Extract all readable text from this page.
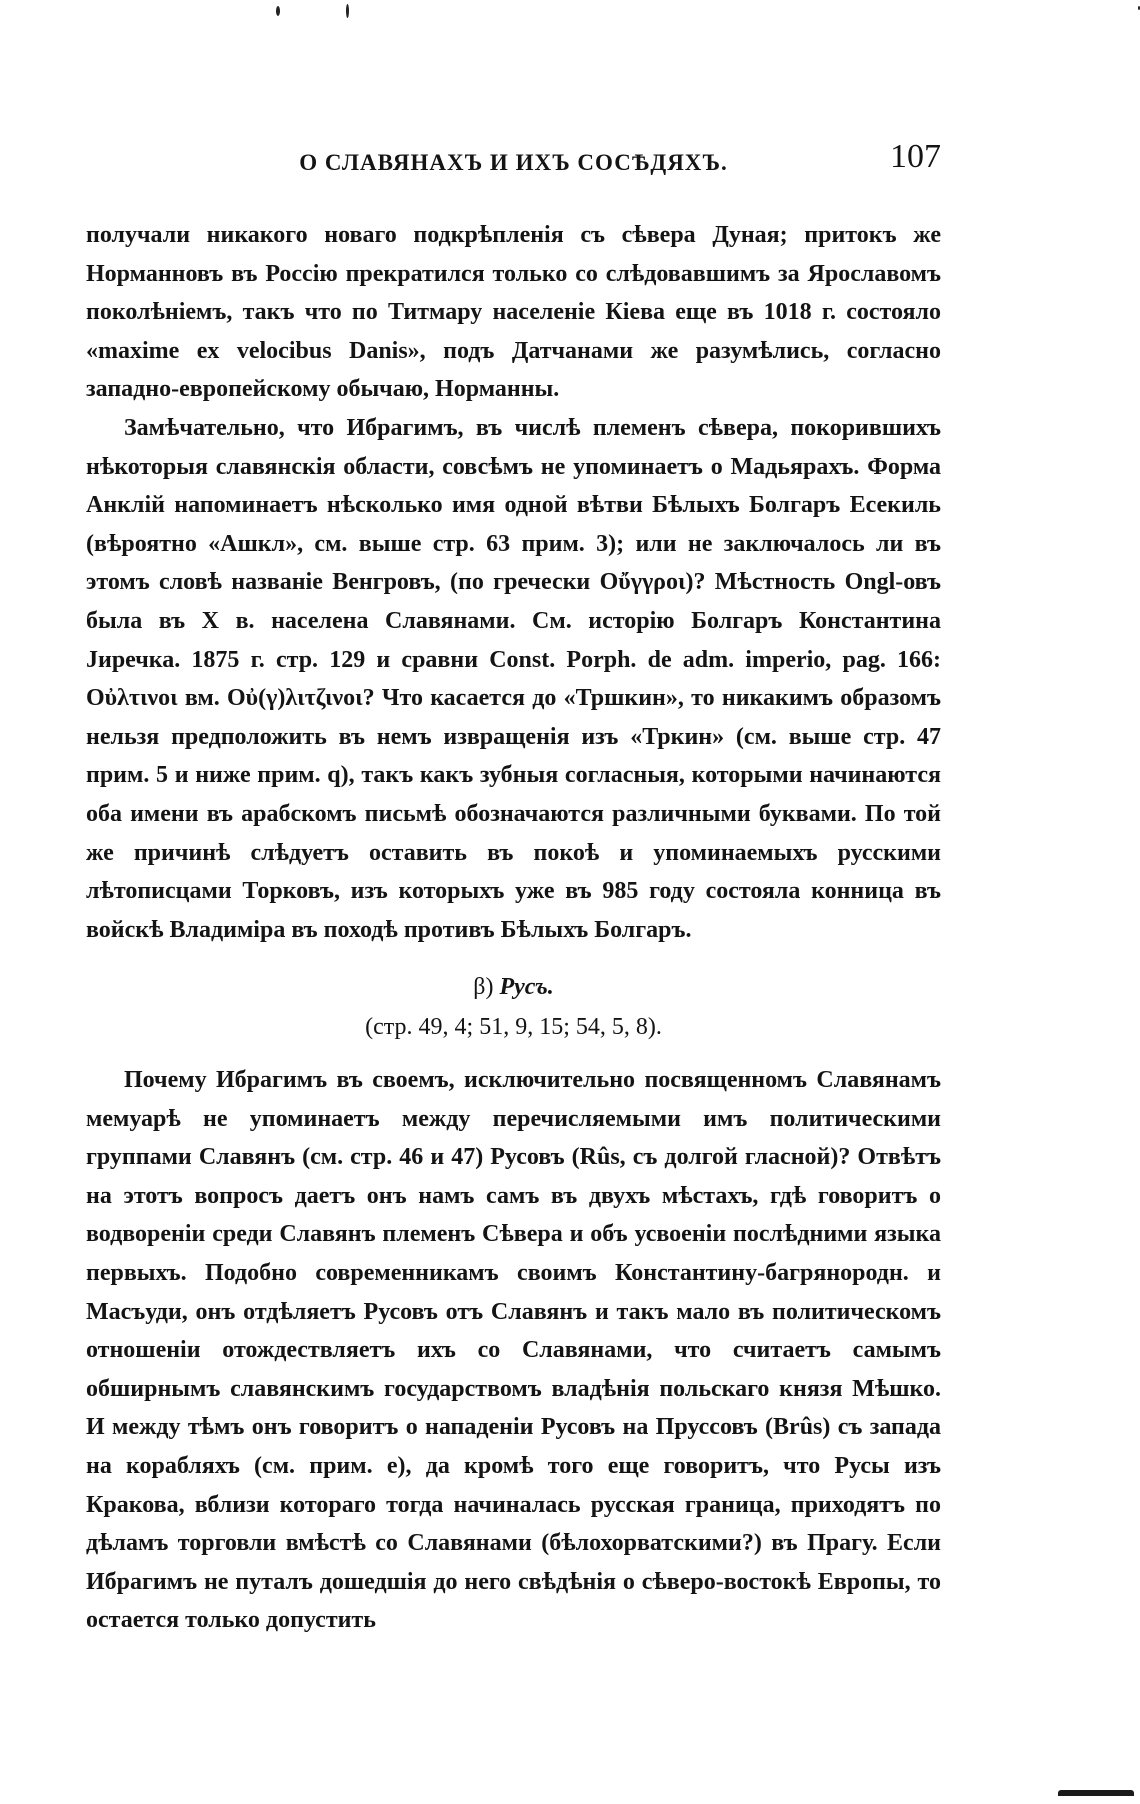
О СЛАВЯНАХЪ И ИХЪ СОСѢДЯХЪ.	107

получали никакого новаго подкрѣпленія съ сѣвера Дуная; притокъ же Норманновъ въ Россію прекратился только со слѣдовавшимъ за Ярославомъ поколѣніемъ, такъ что по Титмару населеніе Кіева еще въ 1018 г. состояло «maxime ex velocibus Danis», подъ Датчанами же разумѣлись, согласно западно-европейскому обычаю, Норманны.

Замѣчательно, что Ибрагимъ, въ числѣ племенъ сѣвера, покорившихъ нѣкоторыя славянскія области, совсѣмъ не упоминаетъ о Мадьярахъ. Форма Анклій напоминаетъ нѣсколько имя одной вѣтви Бѣлыхъ Болгаръ Есекиль (вѣроятно «Ашкл», см. выше стр. 63 прим. 3); или не заключалось ли въ этомъ словѣ названіе Венгровъ, (по гречески Οὔγγροι)? Мѣстность Ongl-овъ была въ X в. населена Славянами. См. исторію Болгаръ Константина Jиречка. 1875 г. стр. 129 и сравни Const. Porph. de adm. imperio, pag. 166: Οὐλτινοι вм. Οὐ(γ)λιτζινοι? Что касается до «Тршкин», то никакимъ образомъ нельзя предположить въ немъ извращенія изъ «Тркин» (см. выше стр. 47 прим. 5 и ниже прим. q), такъ какъ зубныя согласныя, которыми начинаются оба имени въ арабскомъ письмѣ обозначаются различными буквами. По той же причинѣ слѣдуетъ оставить въ покоѣ и упоминаемыхъ русскими лѣтописцами Торковъ, изъ которыхъ уже въ 985 году состояла конница въ войскѣ Владиміра въ походѣ противъ Бѣлыхъ Болгаръ.

β) Русъ.
(стр. 49, 4; 51, 9, 15; 54, 5, 8).

Почему Ибрагимъ въ своемъ, исключительно посвященномъ Славянамъ мемуарѣ не упоминаетъ между перечисляемыми имъ политическими группами Славянъ (см. стр. 46 и 47) Русовъ (Rûs, съ долгой гласной)? Отвѣтъ на этотъ вопросъ даетъ онъ намъ самъ въ двухъ мѣстахъ, гдѣ говоритъ о водвореніи среди Славянъ племенъ Сѣвера и объ усвоеніи послѣдними языка первыхъ. Подобно современникамъ своимъ Константину-багрянородн. и Масъуди, онъ отдѣляетъ Русовъ отъ Славянъ и такъ мало въ политическомъ отношеніи отождествляетъ ихъ со Славянами, что считаетъ самымъ обширнымъ славянскимъ государствомъ владѣнія польскаго князя Мѣшко. И между тѣмъ онъ говоритъ о нападеніи Русовъ на Пруссовъ (Brûs) съ запада на корабляхъ (см. прим. е), да кромѣ того еще говоритъ, что Русы изъ Кракова, вблизи котораго тогда начиналась русская граница, приходятъ по дѣламъ торговли вмѣстѣ со Славянами (бѣлохорватскими?) въ Прагу. Если Ибрагимъ не путалъ дошедшія до него свѣдѣнія о сѣверо-востокѣ Европы, то остается только допустить
